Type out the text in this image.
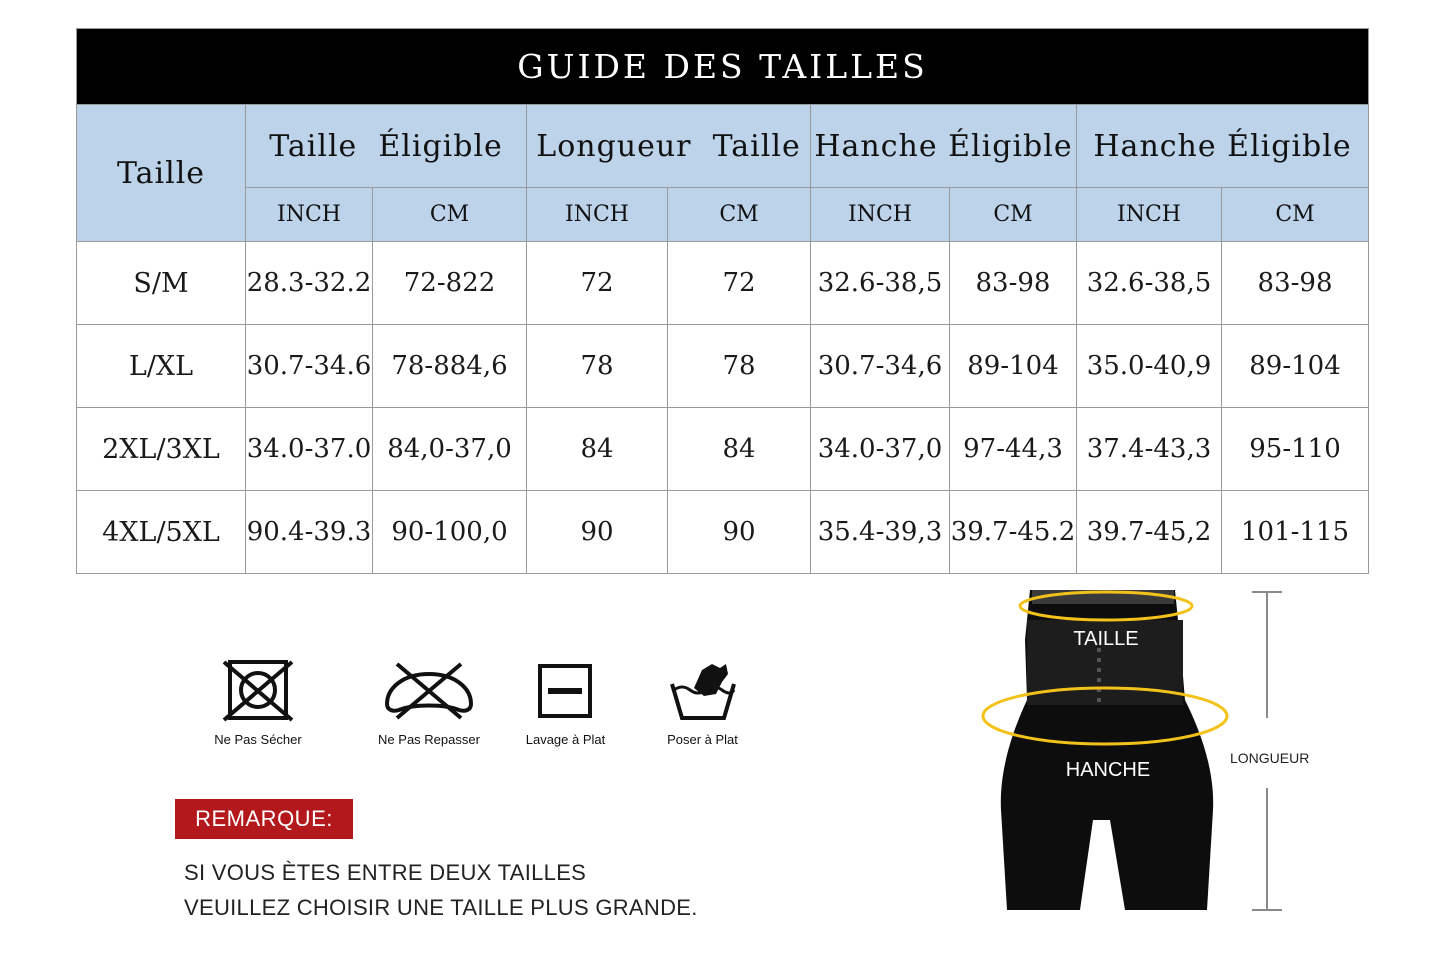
GUIDE DES TAILLES								
Taille	Taille  Éligible		Longueur  Taille		Hanche Éligible		Hanche Éligible	
	INCH	CM	INCH	CM	INCH	CM	INCH	CM
S/M	28.3-32.2	72-822	72	72	32.6-38,5	83-98	32.6-38,5	83-98
L/XL	30.7-34.6	78-884,6	78	78	30.7-34,6	89-104	35.0-40,9	89-104
2XL/3XL	34.0-37.0	84,0-37,0	84	84	34.0-37,0	97-44,3	37.4-43,3	95-110
4XL/5XL	90.4-39.3	90-100,0	90	90	35.4-39,3	39.7-45.2	39.7-45,2	101-115
Ne Pas Sécher	Ne Pas Repasser	Lavage à Plat	Poser à Plat
REMARQUE:
SI VOUS ÈTES ENTRE DEUX TAILLES
VEUILLEZ CHOISIR UNE TAILLE PLUS GRANDE.
TAILLE
HANCHE
LONGUEUR
